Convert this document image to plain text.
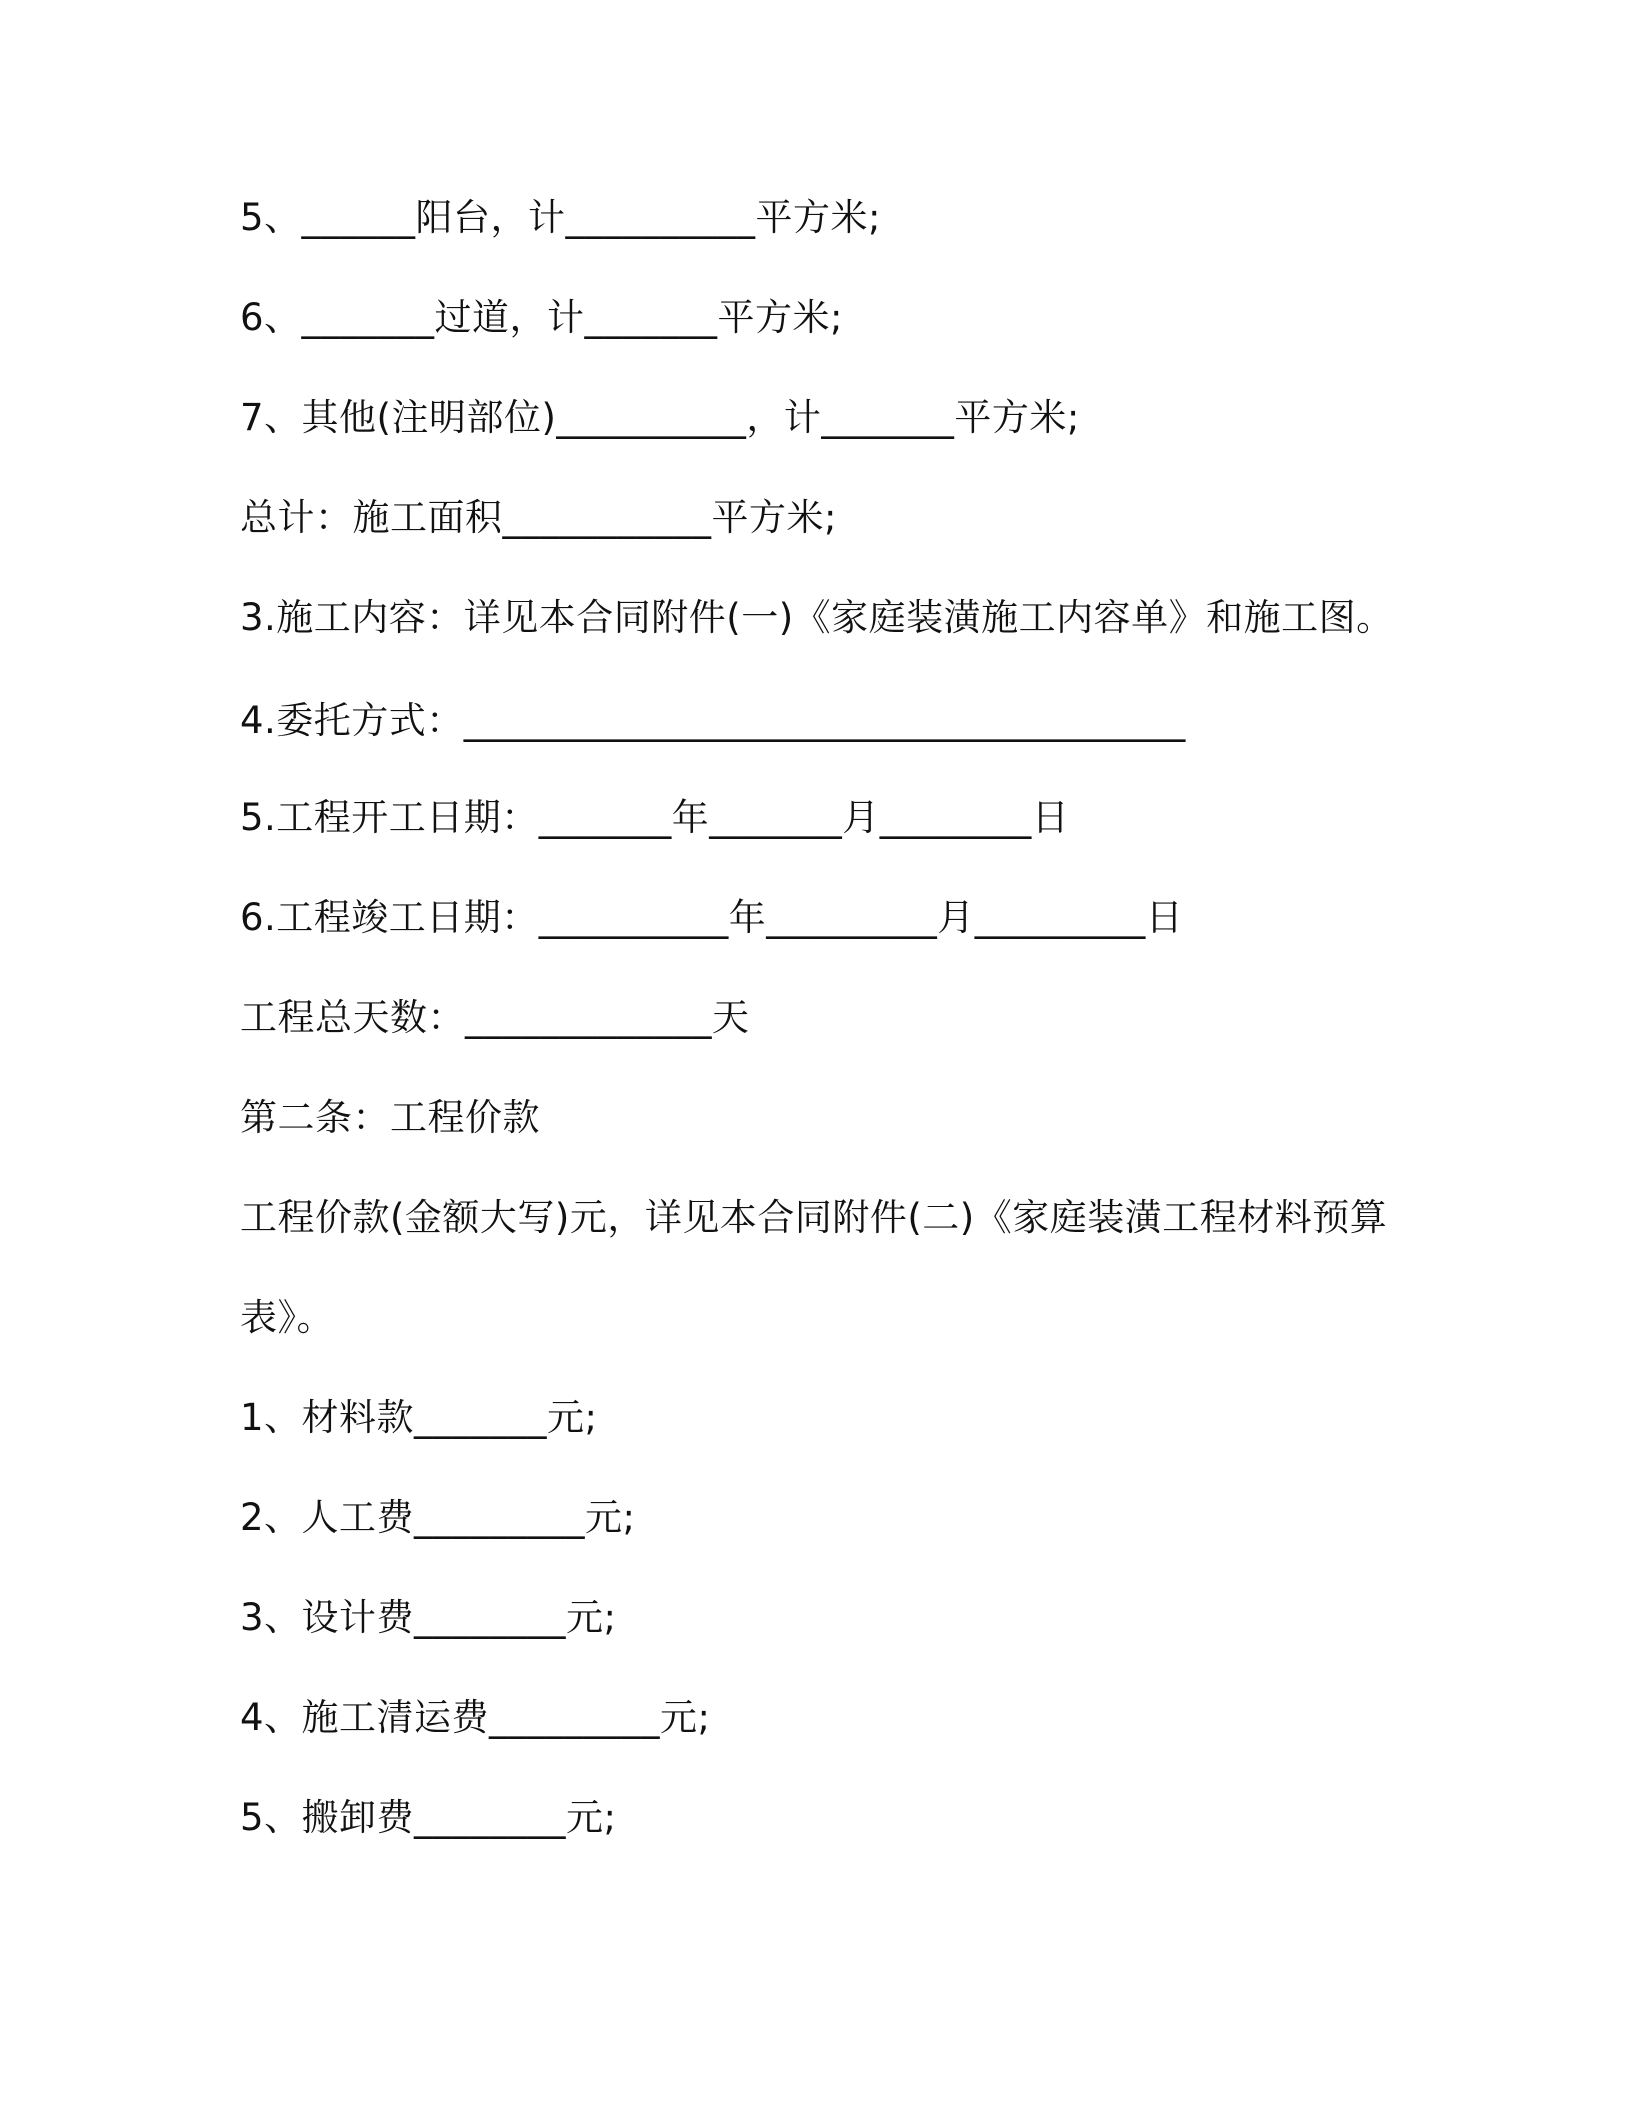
5、______阳台，计__________平方米;
6、_______过道，计_______平方米;
7、其他(注明部位)__________，计_______平方米;
总计：施工面积___________平方米;
3.施工内容：详见本合同附件(一)《家庭装潢施工内容单》和施工图。
4.委托方式：______________________________________
5.工程开工日期：_______年_______月________日
6.工程竣工日期：__________年_________月_________日
工程总天数：_____________天
第二条：工程价款
工程价款(金额大写)元，详见本合同附件(二)《家庭装潢工程材料预算
表》。
1、材料款_______元;
2、人工费_________元;
3、设计费________元;
4、施工清运费_________元;
5、搬卸费________元;
